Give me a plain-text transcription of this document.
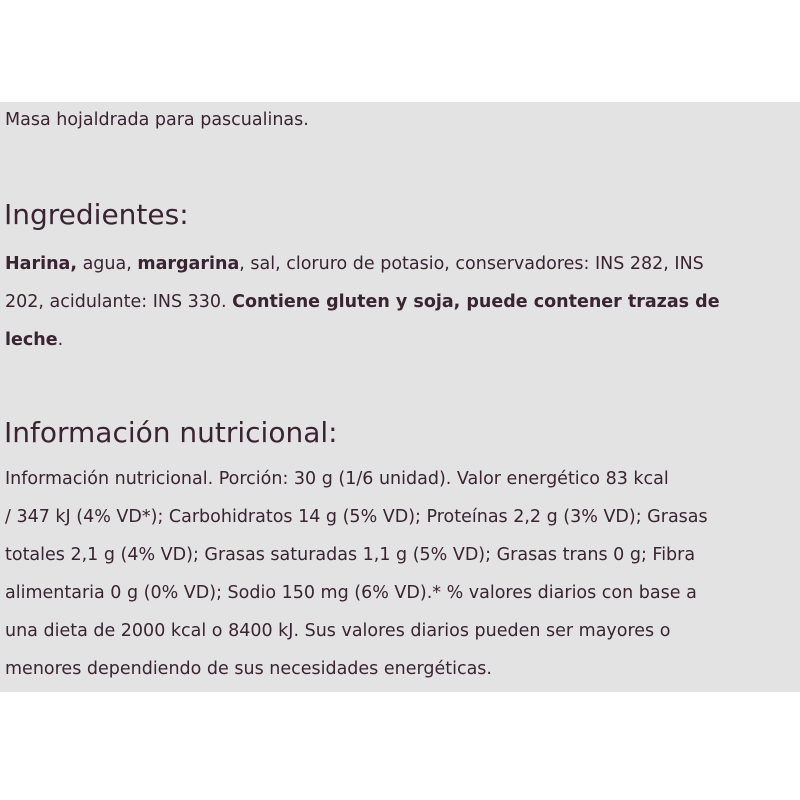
Masa hojaldrada para pascualinas.
Ingredientes:
Harina, agua, margarina, sal, cloruro de potasio, conservadores: INS 282, INS
202, acidulante: INS 330. Contiene gluten y soja, puede contener trazas de
leche.
Información nutricional:
Información nutricional. Porción: 30 g (1/6 unidad). Valor energético 83 kcal
/ 347 kJ (4% VD*); Carbohidratos 14 g (5% VD); Proteínas 2,2 g (3% VD); Grasas
totales 2,1 g (4% VD); Grasas saturadas 1,1 g (5% VD); Grasas trans 0 g; Fibra
alimentaria 0 g (0% VD); Sodio 150 mg (6% VD).* % valores diarios con base a
una dieta de 2000 kcal o 8400 kJ. Sus valores diarios pueden ser mayores o
menores dependiendo de sus necesidades energéticas.
